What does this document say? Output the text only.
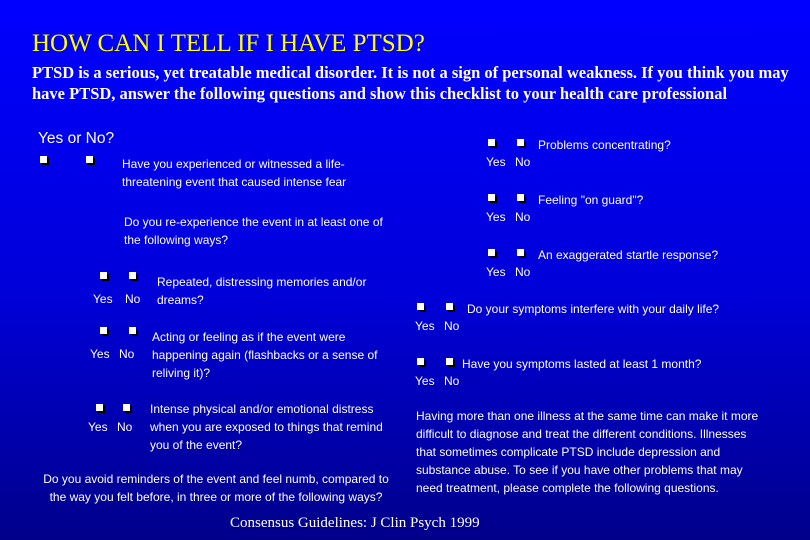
HOW CAN I TELL IF I HAVE PTSD?

PTSD is a serious, yet treatable medical disorder. It is not a sign of personal weakness. If you think you may have PTSD, answer the following questions and show this checklist to your health care professional

Yes or No?
Have you experienced or witnessed a life-threatening event that caused intense fear
Do you re-experience the event in at least one of the following ways?
Yes No
Repeated, distressing memories and/or dreams?
Yes No
Acting or feeling as if the event were happening again (flashbacks or a sense of reliving it)?
Yes No
Intense physical and/or emotional distress when you are exposed to things that remind you of the event?
Do you avoid reminders of the event and feel numb, compared to the way you felt before, in three or more of the following ways?
Problems concentrating?
Yes No
Feeling "on guard"?
Yes No
An exaggerated startle response?
Yes No
Do your symptoms interfere with your daily life?
Yes No
Have you symptoms lasted at least 1 month?
Yes No
Having more than one illness at the same time can make it more difficult to diagnose and treat the different conditions. Illnesses that sometimes complicate PTSD include depression and substance abuse. To see if you have other problems that may need treatment, please complete the following questions.
Consensus Guidelines: J Clin Psych 1999
